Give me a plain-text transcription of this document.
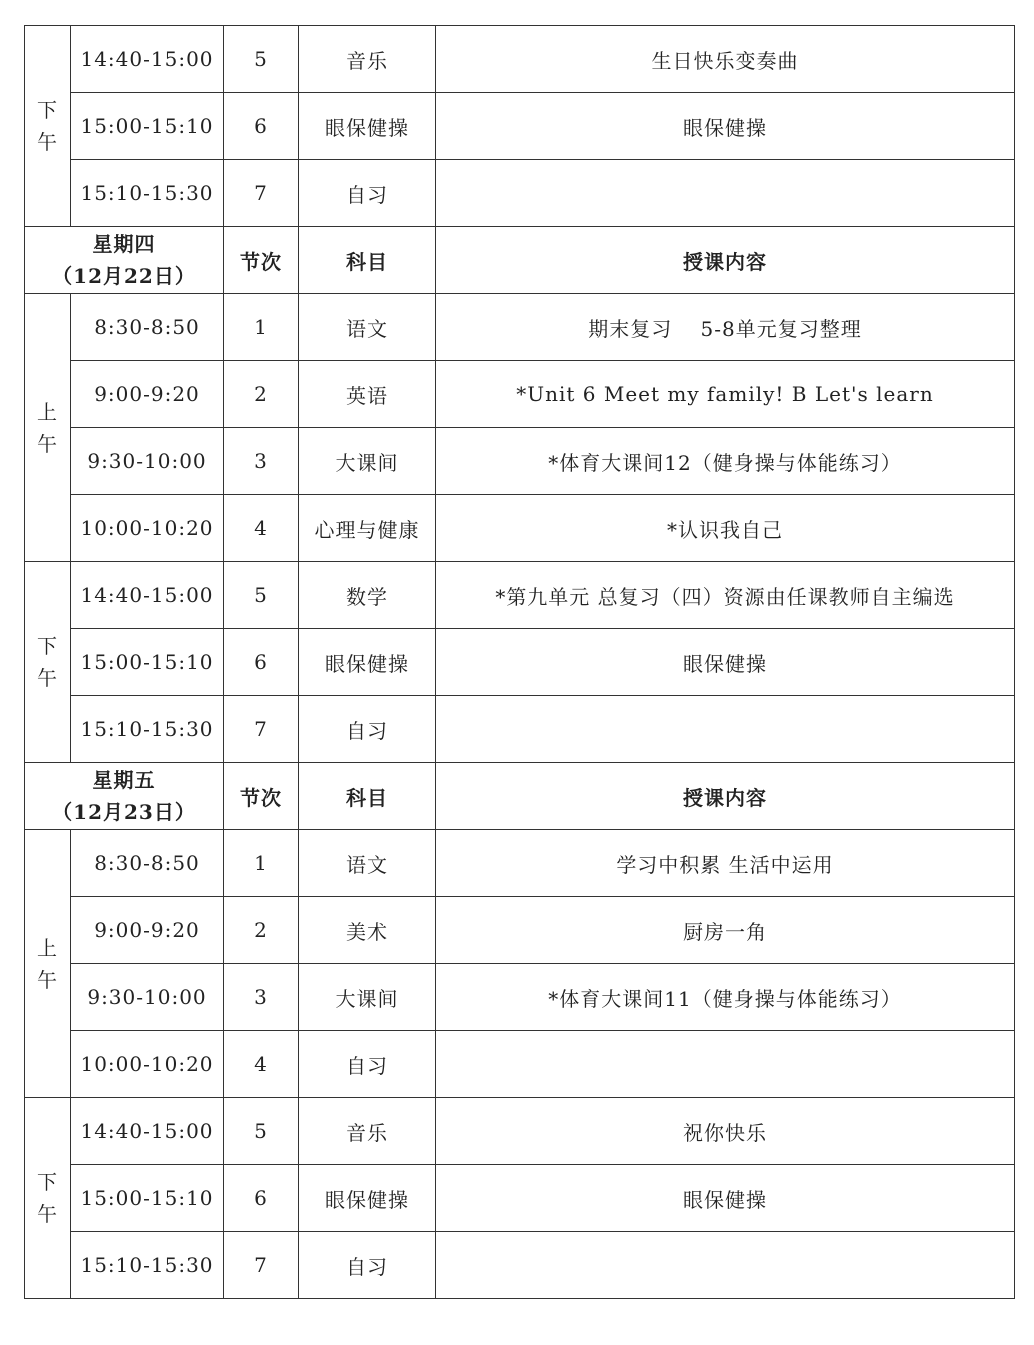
下
午	14:40-15:00	5	音乐	生日快乐变奏曲
	15:00-15:10	6	眼保健操	眼保健操
	15:10-15:30	7	自习	

星期四
（12月22日）		节次	科目	授课内容

上
午	8:30-8:50	1	语文	期末复习　 5-8单元复习整理
	9:00-9:20	2	英语	*Unit 6 Meet my family! B Let's learn
	9:30-10:00	3	大课间	*体育大课间12（健身操与体能练习）
	10:00-10:20	4	心理与健康	*认识我自己

下
午	14:40-15:00	5	数学	*第九单元 总复习（四）资源由任课教师自主编选
	15:00-15:10	6	眼保健操	眼保健操
	15:10-15:30	7	自习	

星期五
（12月23日）		节次	科目	授课内容

上
午	8:30-8:50	1	语文	学习中积累 生活中运用
	9:00-9:20	2	美术	厨房一角
	9:30-10:00	3	大课间	*体育大课间11（健身操与体能练习）
	10:00-10:20	4	自习	

下
午	14:40-15:00	5	音乐	祝你快乐
	15:00-15:10	6	眼保健操	眼保健操
	15:10-15:30	7	自习	
